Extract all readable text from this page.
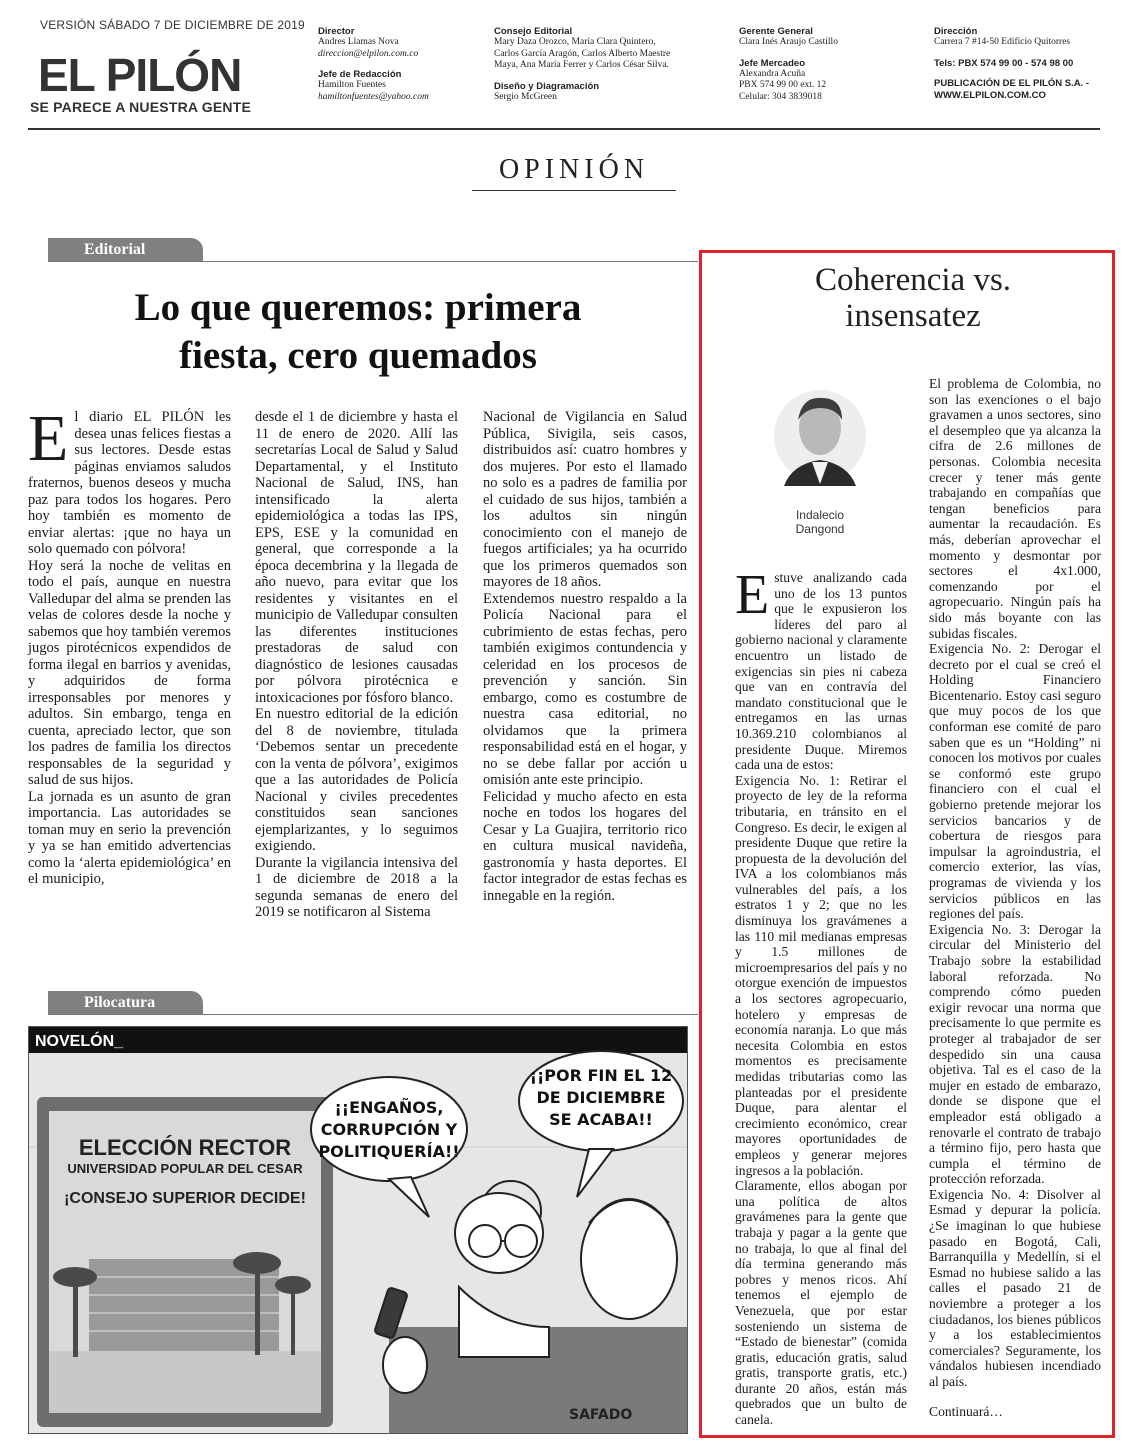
VERSIÓN SÁBADO 7 DE DICIEMBRE DE 2019
EL PILÓN
SE PARECE A NUESTRA GENTE
Director
Andres Llamas Nova
direccion@elpilon.com.co
Jefe de Redacción
Hamilton Fuentes
hamiltonfuentes@yahoo.com
Consejo Editorial
Mary Daza Orozco, María Clara Quintero,
Carlos García Aragón, Carlos Alberto Maestre
Maya, Ana Maria Ferrer y Carlos César Silva.
Diseño y Diagramación
Sergio McGreen
Gerente General
Clara Inés Araujo Castillo
Jefe Mercadeo
Alexandra Acuña
PBX 574 99 00 ext. 12
Celular: 304 3839018
Dirección
Carrera 7 #14-50 Edificio Quitorres
Tels: PBX 574 99 00 - 574 98 00
PUBLICACIÓN DE EL PILÓN S.A. -
WWW.ELPILON.COM.CO
OPINIÓN
Editorial
Lo que queremos: primera
fiesta, cero quemados
E l diario EL PILÓN les desea unas felices fiestas a sus lectores. Desde estas páginas enviamos saludos fraternos, buenos deseos y mucha paz para todos los hogares. Pero hoy también es momento de enviar alertas: ¡que no haya un solo quemado con pólvora!

Hoy será la noche de velitas en todo el país, aunque en nuestra Valledupar del alma se prenden las velas de colores desde la noche y sabemos que hoy también veremos jugos pirotécnicos expendidos de forma ilegal en barrios y avenidas, y adquiridos de forma irresponsables por menores y adultos. Sin embargo, tenga en cuenta, apreciado lector, que son los padres de familia los directos responsables de la seguridad y salud de sus hijos.

La jornada es un asunto de gran importancia. Las autoridades se toman muy en serio la prevención y ya se han emitido advertencias como la ‘alerta epidemiológica’ en el municipio,

desde el 1 de diciembre y hasta el 11 de enero de 2020. Allí las secretarías Local de Salud y Salud Departamental, y el Instituto Nacional de Salud, INS, han intensificado la alerta epidemiológica a todas las IPS, EPS, ESE y la comunidad en general, que corresponde a la época decembrina y la llegada de año nuevo, para evitar que los residentes y visitantes en el municipio de Valledupar consulten las diferentes instituciones prestadoras de salud con diagnóstico de lesiones causadas por pólvora pirotécnica e intoxicaciones por fósforo blanco.

En nuestro editorial de la edición del 8 de noviembre, titulada ‘Debemos sentar un precedente con la venta de pólvora’, exigimos que a las autoridades de Policía Nacional y civiles precedentes constituidos sean sanciones ejemplarizantes, y lo seguimos exigiendo.

Durante la vigilancia intensiva del 1 de diciembre de 2018 a la segunda semanas de enero del 2019 se notificaron al Sistema

Nacional de Vigilancia en Salud Pública, Sivigila, seis casos, distribuidos así: cuatro hombres y dos mujeres. Por esto el llamado no solo es a padres de familia por el cuidado de sus hijos, también a los adultos sin ningún conocimiento con el manejo de fuegos artificiales; ya ha ocurrido que los primeros quemados son mayores de 18 años.

Extendemos nuestro respaldo a la Policía Nacional para el cubrimiento de estas fechas, pero también exigimos contundencia y celeridad en los procesos de prevención y sanción. Sin embargo, como es costumbre de nuestra casa editorial, no olvidamos que la primera responsabilidad está en el hogar, y no se debe fallar por acción u omisión ante este principio.

Felicidad y mucho afecto en esta noche en todos los hogares del Cesar y La Guajira, territorio rico en cultura musical navideña, gastronomía y hasta deportes. El factor integrador de estas fechas es innegable en la región.

Pilocatura
NOVELÓN_
ELECCIÓN RECTOR
UNIVERSIDAD POPULAR DEL CESAR
¡CONSEJO SUPERIOR DECIDE!
¡¡ENGAÑOS,
CORRUPCIÓN Y
POLITIQUERÍA!!
¡¡POR FIN EL 12
DE DICIEMBRE
SE ACABA!!
SAFADO
Coherencia vs.
insensatez
Indalecio
Dangond
E stuve analizando cada uno de los 13 puntos que le expusieron los líderes del paro al gobierno nacional y claramente encuentro un listado de exigencias sin pies ni cabeza que van en contravía del mandato constitucional que le entregamos en las urnas 10.369.210 colombianos al presidente Duque. Miremos cada una de estos:

Exigencia No. 1: Retirar el proyecto de ley de la reforma tributaria, en tránsito en el Congreso. Es decir, le exigen al presidente Duque que retire la propuesta de la devolución del IVA a los colombianos más vulnerables del país, a los estratos 1 y 2; que no les disminuya los gravámenes a las 110 mil medianas empresas y 1.5 millones de microempresarios del país y no otorgue exención de impuestos a los sectores agropecuario, hotelero y empresas de economía naranja. Lo que más necesita Colombia en estos momentos es precisamente medidas tributarias como las planteadas por el presidente Duque, para alentar el crecimiento económico, crear mayores oportunidades de empleos y generar mejores ingresos a la población.

Claramente, ellos abogan por una política de altos gravámenes para la gente que trabaja y pagar a la gente que no trabaja, lo que al final del día termina generando más pobres y menos ricos. Ahí tenemos el ejemplo de Venezuela, que por estar sosteniendo un sistema de “Estado de bienestar” (comida gratis, educación gratis, salud gratis, transporte gratis, etc.) durante 20 años, están más quebrados que un bulto de canela.

El problema de Colombia, no son las exenciones o el bajo gravamen a unos sectores, sino el desempleo que ya alcanza la cifra de 2.6 millones de personas. Colombia necesita crecer y tener más gente trabajando en compañías que tengan beneficios para aumentar la recaudación. Es más, deberían aprovechar el momento y desmontar por sectores el 4x1.000, comenzando por el agropecuario. Ningún país ha sido más boyante con las subidas fiscales.

Exigencia No. 2: Derogar el decreto por el cual se creó el Holding Financiero Bicentenario. Estoy casi seguro que muy pocos de los que conforman ese comité de paro saben que es un “Holding” ni conocen los motivos por cuales se conformó este grupo financiero con el cual el gobierno pretende mejorar los servicios bancarios y de cobertura de riesgos para impulsar la agroindustria, el comercio exterior, las vías, programas de vivienda y los servicios públicos en las regiones del país.

Exigencia No. 3: Derogar la circular del Ministerio del Trabajo sobre la estabilidad laboral reforzada. No comprendo cómo pueden exigir revocar una norma que precisamente lo que permite es proteger al trabajador de ser despedido sin una causa objetiva. Tal es el caso de la mujer en estado de embarazo, donde se dispone que el empleador está obligado a renovarle el contrato de trabajo a término fijo, pero hasta que cumpla el término de protección reforzada.

Exigencia No. 4: Disolver al Esmad y depurar la policía. ¿Se imaginan lo que hubiese pasado en Bogotá, Cali, Barranquilla y Medellín, si el Esmad no hubiese salido a las calles el pasado 21 de noviembre a proteger a los ciudadanos, los bienes públicos y a los establecimientos comerciales? Seguramente, los vándalos hubiesen incendiado al país.

Continuará…
